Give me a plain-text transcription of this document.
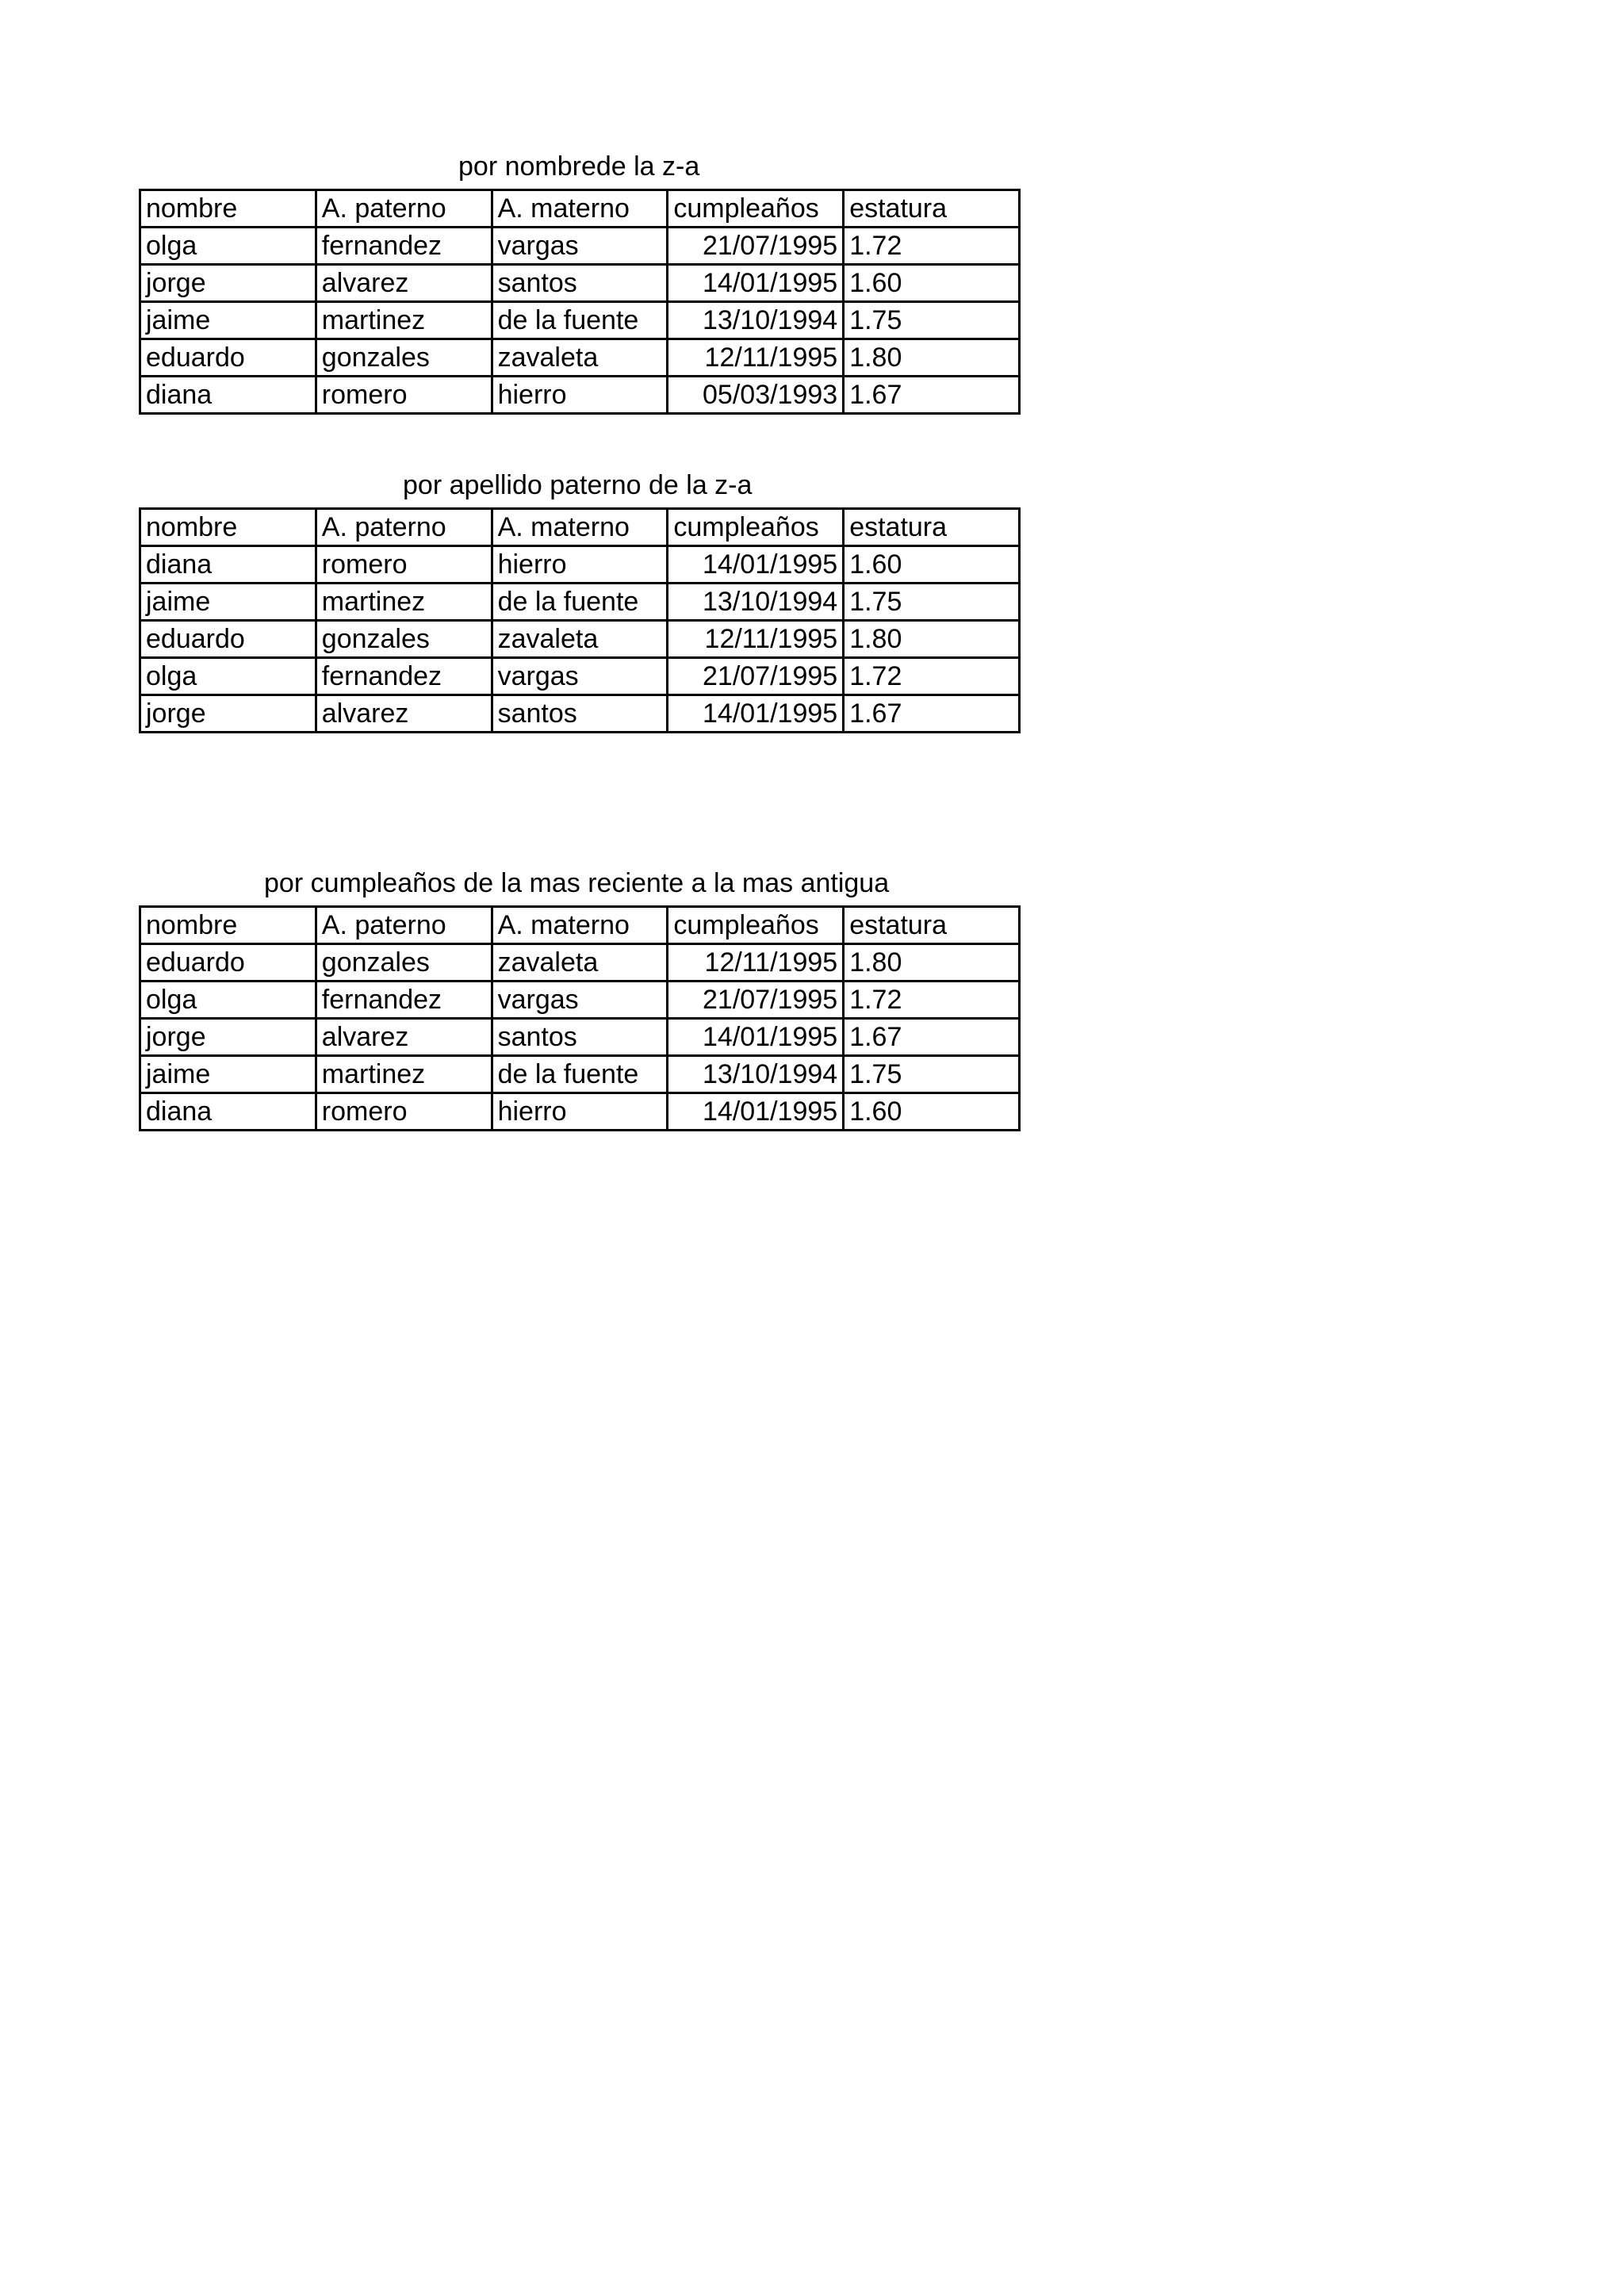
por nombrede la z-a
nombre	A. paterno	A. materno	cumpleaños	estatura
olga	fernandez	vargas	21/07/1995	1.72
jorge	alvarez	santos	14/01/1995	1.60
jaime	martinez	de la fuente	13/10/1994	1.75
eduardo	gonzales	zavaleta	12/11/1995	1.80
diana	romero	hierro	05/03/1993	1.67
por apellido paterno de la z-a
nombre	A. paterno	A. materno	cumpleaños	estatura
diana	romero	hierro	14/01/1995	1.60
jaime	martinez	de la fuente	13/10/1994	1.75
eduardo	gonzales	zavaleta	12/11/1995	1.80
olga	fernandez	vargas	21/07/1995	1.72
jorge	alvarez	santos	14/01/1995	1.67
por cumpleaños de la mas reciente a la mas antigua
nombre	A. paterno	A. materno	cumpleaños	estatura
eduardo	gonzales	zavaleta	12/11/1995	1.80
olga	fernandez	vargas	21/07/1995	1.72
jorge	alvarez	santos	14/01/1995	1.67
jaime	martinez	de la fuente	13/10/1994	1.75
diana	romero	hierro	14/01/1995	1.60
